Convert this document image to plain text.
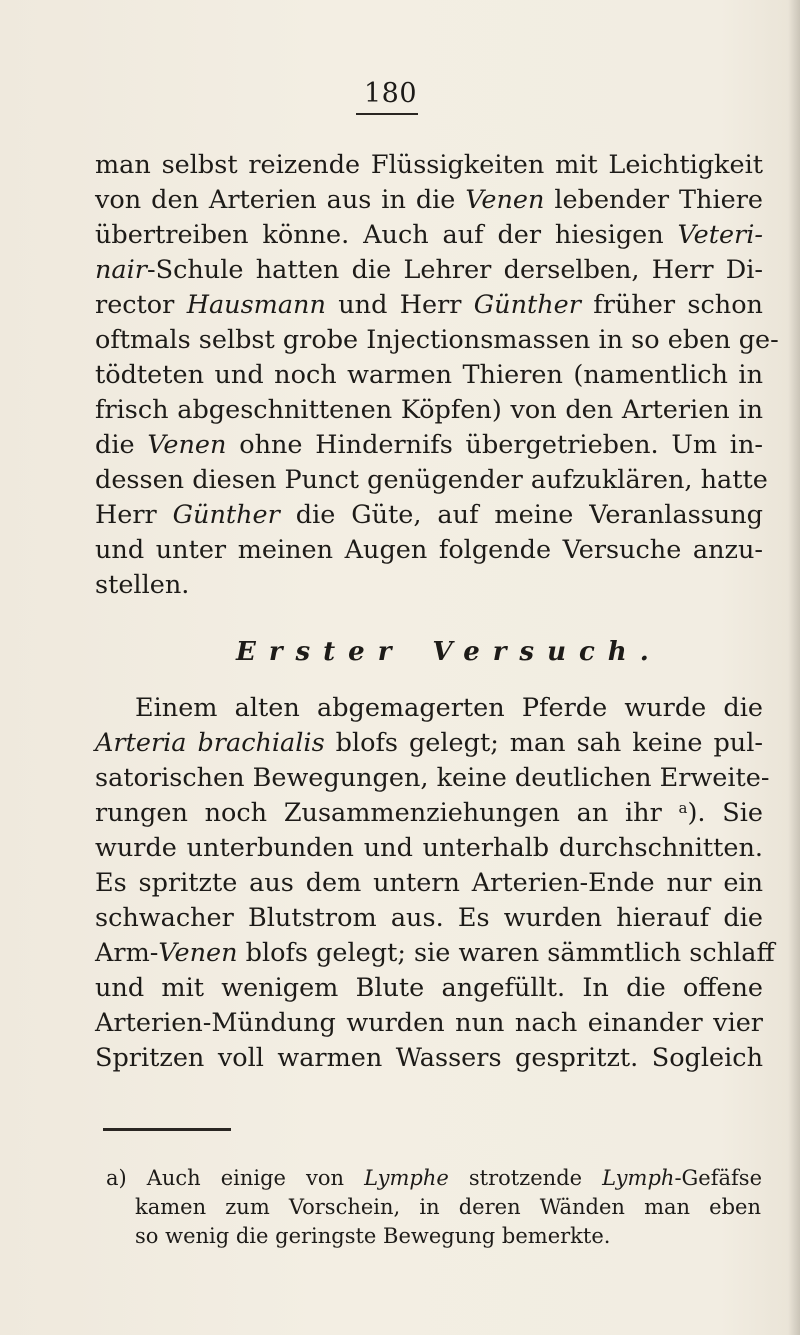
180
man selbst reizende Flüssigkeiten mit Leichtigkeit
von den Arterien aus in die Venen lebender Thiere
übertreiben könne. Auch auf der hiesigen Veteri-
nair-Schule hatten die Lehrer derselben, Herr Di-
rector Hausmann und Herr Günther früher schon
oftmals selbst grobe Injectionsmassen in so eben ge-
tödteten und noch warmen Thieren (namentlich in
frisch abgeschnittenen Köpfen) von den Arterien in
die Venen ohne Hindernifs übergetrieben. Um in-
dessen diesen Punct genügender aufzuklären, hatte
Herr Günther die Güte, auf meine Veranlassung
und unter meinen Augen folgende Versuche anzu-
stellen.
Erster Versuch.
Einem alten abgemagerten Pferde wurde die
Arteria brachialis blofs gelegt; man sah keine pul-
satorischen Bewegungen, keine deutlichen Erweite-
rungen noch Zusammenziehungen an ihr $^a$). Sie
wurde unterbunden und unterhalb durchschnitten.
Es spritzte aus dem untern Arterien-Ende nur ein
schwacher Blutstrom aus. Es wurden hierauf die
Arm-Venen blofs gelegt; sie waren sämmtlich schlaff
und mit wenigem Blute angefüllt. In die offene
Arterien-Mündung wurden nun nach einander vier
Spritzen voll warmen Wassers gespritzt. Sogleich
a) Auch einige von Lymphe strotzende Lymph-Gefäfse
kamen zum Vorschein, in deren Wänden man eben
so wenig die geringste Bewegung bemerkte.
